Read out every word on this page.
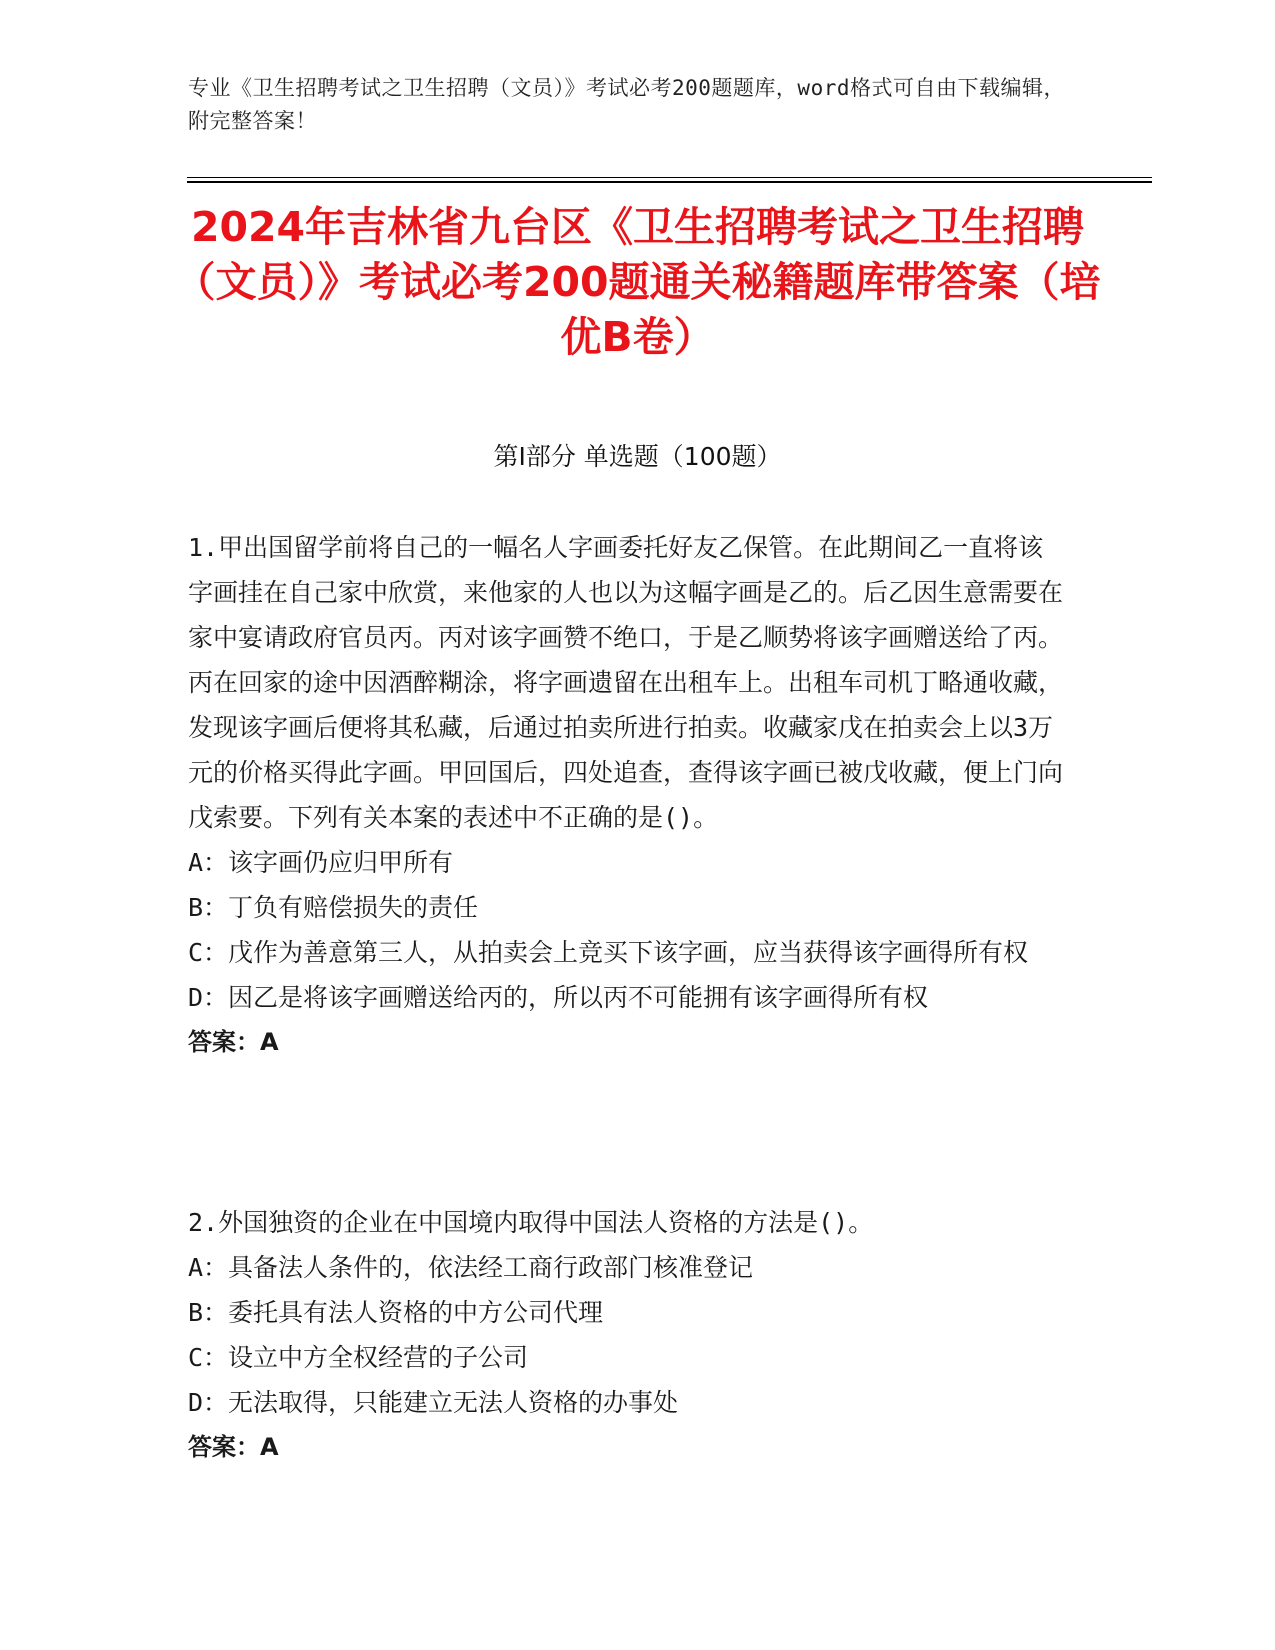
专业《卫生招聘考试之卫生招聘（文员）》考试必考200题题库，word格式可自由下载编辑，附完整答案！
2024年吉林省九台区《卫生招聘考试之卫生招聘（文员）》考试必考200题通关秘籍题库带答案（培优B卷）
第Ⅰ部分 单选题（100题）
1.甲出国留学前将自己的一幅名人字画委托好友乙保管。在此期间乙一直将该字画挂在自己家中欣赏，来他家的人也以为这幅字画是乙的。后乙因生意需要在家中宴请政府官员丙。丙对该字画赞不绝口，于是乙顺势将该字画赠送给了丙。丙在回家的途中因酒醉糊涂，将字画遗留在出租车上。出租车司机丁略通收藏，发现该字画后便将其私藏，后通过拍卖所进行拍卖。收藏家戊在拍卖会上以3万元的价格买得此字画。甲回国后，四处追查，查得该字画已被戊收藏，便上门向戊索要。下列有关本案的表述中不正确的是()。
A：该字画仍应归甲所有
B：丁负有赔偿损失的责任
C：戊作为善意第三人，从拍卖会上竞买下该字画，应当获得该字画得所有权
D：因乙是将该字画赠送给丙的，所以丙不可能拥有该字画得所有权
答案：A
2.外国独资的企业在中国境内取得中国法人资格的方法是()。
A：具备法人条件的，依法经工商行政部门核准登记
B：委托具有法人资格的中方公司代理
C：设立中方全权经营的子公司
D：无法取得，只能建立无法人资格的办事处
答案：A
